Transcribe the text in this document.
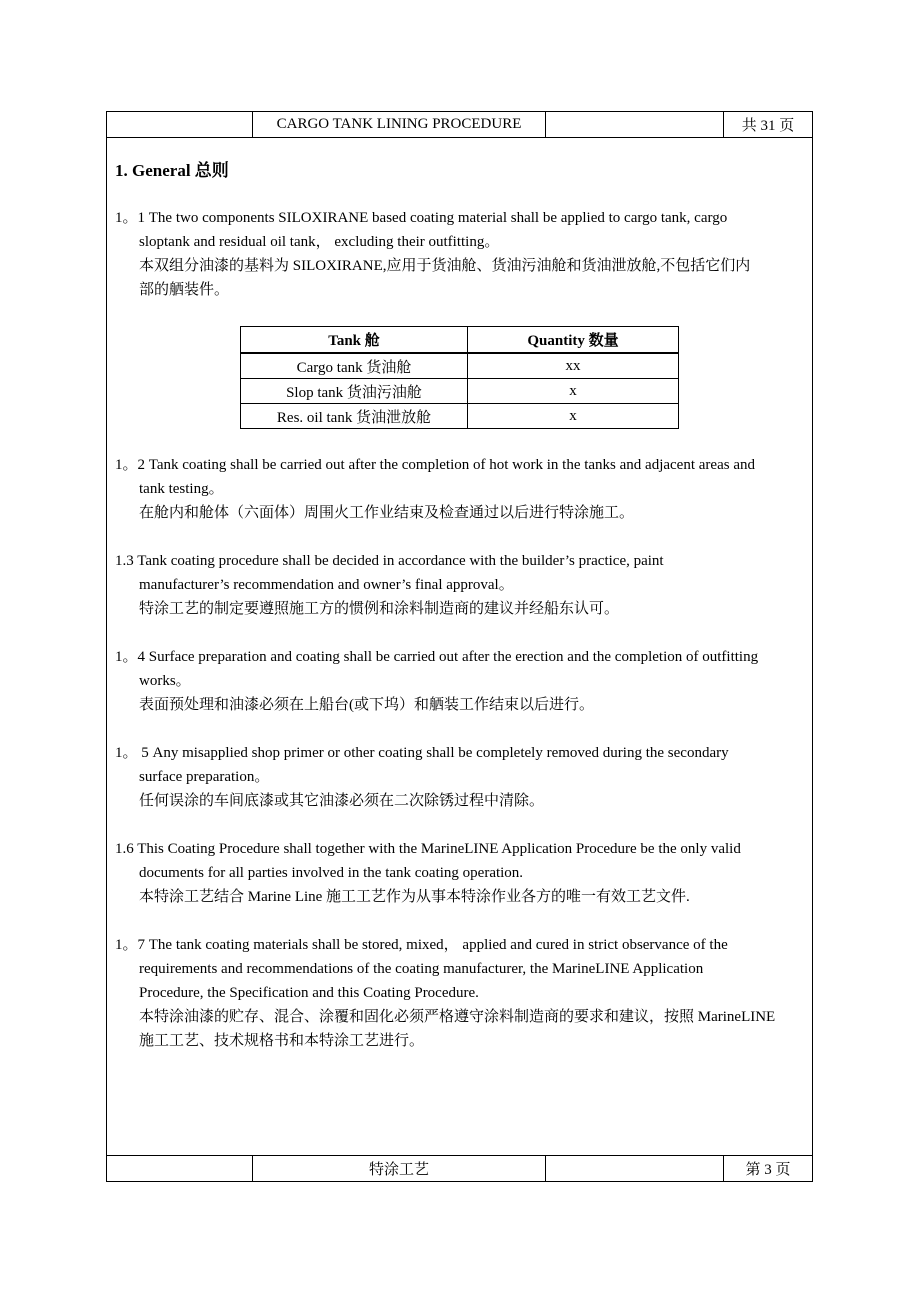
CARGO TANK LINING PROCEDURE	共 31 页
1. General 总则
1。1 The two components SILOXIRANE based coating material shall be applied to cargo tank, cargo
sloptank and residual oil tank， excluding their outfitting。
本双组分油漆的基料为 SILOXIRANE,应用于货油舱、货油污油舱和货油泄放舱,不包括它们内
部的舾装件。
Tank 舱	Quantity 数量
Cargo tank 货油舱	xx
Slop tank 货油污油舱	x
Res. oil tank 货油泄放舱	x
1。2 Tank coating shall be carried out after the completion of hot work in the tanks and adjacent areas and
tank testing。
在舱内和舱体（六面体）周围火工作业结束及检查通过以后进行特涂施工。
1.3 Tank coating procedure shall be decided in accordance with the builder’s practice, paint
manufacturer’s recommendation and owner’s final approval。
特涂工艺的制定要遵照施工方的惯例和涂料制造商的建议并经船东认可。
1。4 Surface preparation and coating shall be carried out after the erection and the completion of outfitting
works。
表面预处理和油漆必须在上船台(或下坞）和舾装工作结束以后进行。
1。 5 Any misapplied shop primer or other coating shall be completely removed during the secondary
surface preparation。
任何误涂的车间底漆或其它油漆必须在二次除锈过程中清除。
1.6 This Coating Procedure shall together with the MarineLINE Application Procedure be the only valid
documents for all parties involved in the tank coating operation.
本特涂工艺结合 Marine Line 施工工艺作为从事本特涂作业各方的唯一有效工艺文件.
1。7 The tank coating materials shall be stored, mixed， applied and cured in strict observance of the
requirements and recommendations of the coating manufacturer, the MarineLINE Application
Procedure, the Specification and this Coating Procedure.
本特涂油漆的贮存、混合、涂覆和固化必须严格遵守涂料制造商的要求和建议，按照 MarineLINE
施工工艺、技术规格书和本特涂工艺进行。
特涂工艺	第 3 页
